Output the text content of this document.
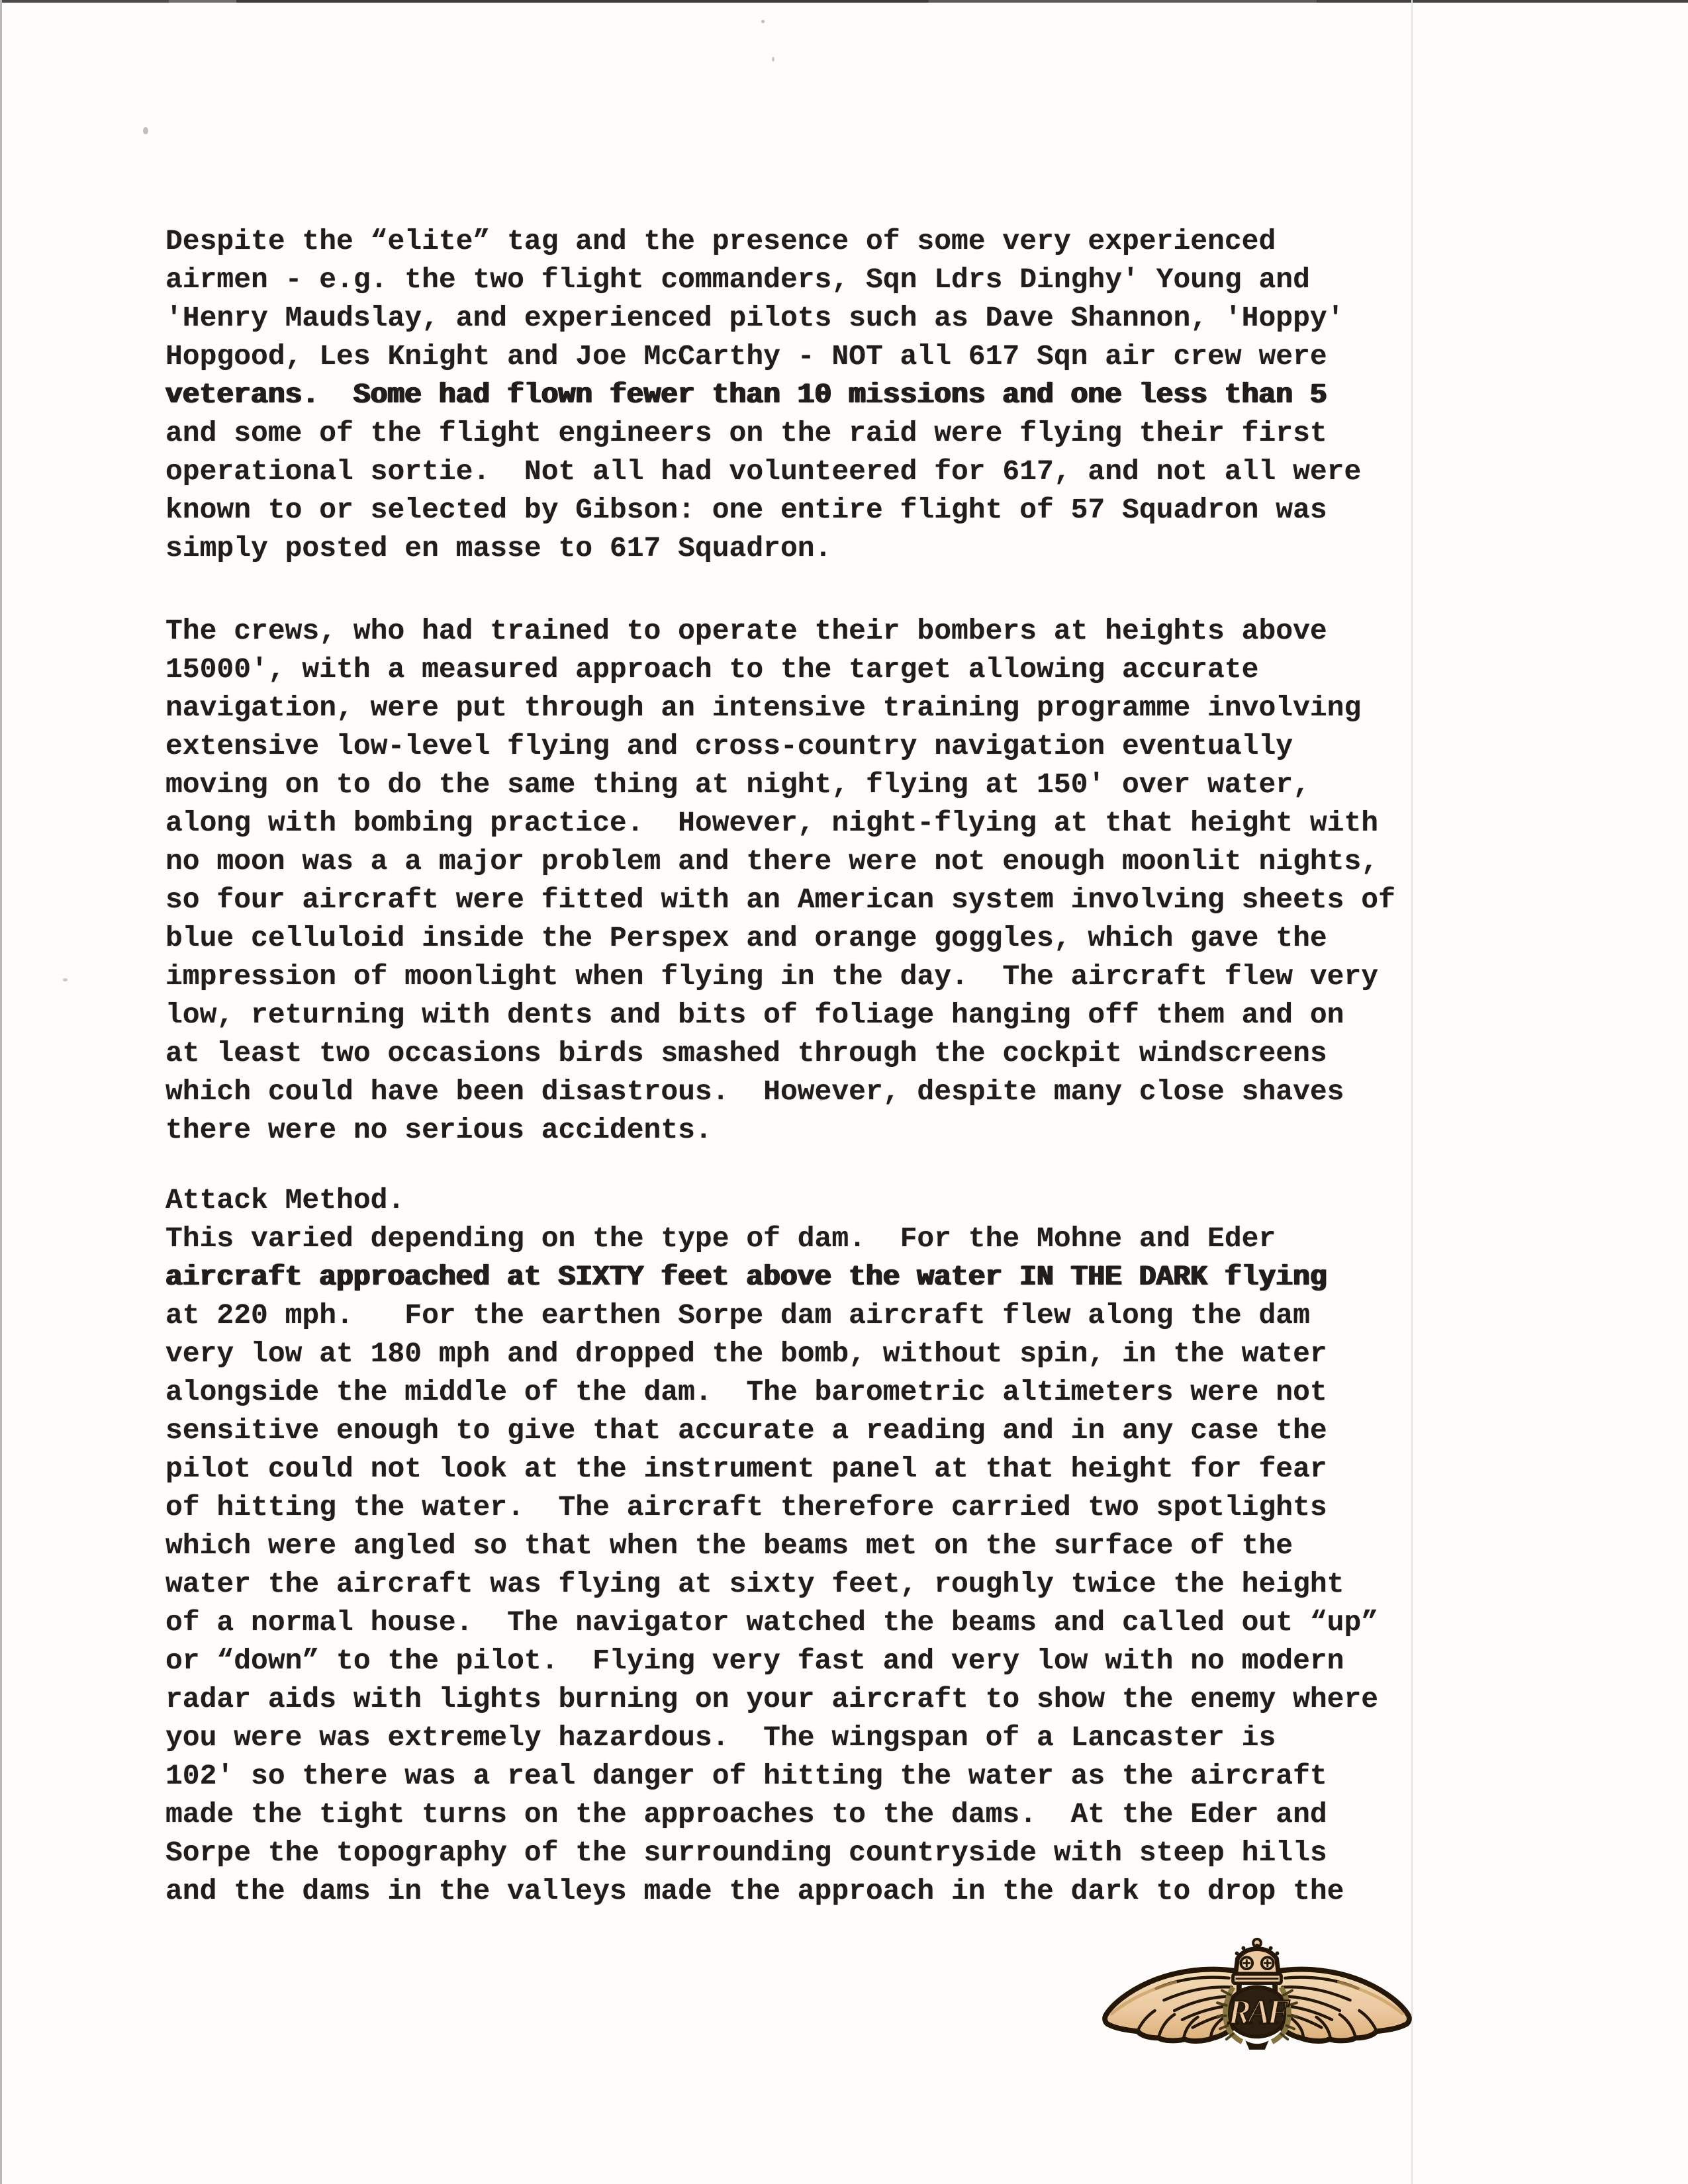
Despite the “elite” tag and the presence of some very experienced
airmen - e.g. the two flight commanders, Sqn Ldrs Dinghy' Young and
'Henry Maudslay, and experienced pilots such as Dave Shannon, 'Hoppy'
Hopgood, Les Knight and Joe McCarthy - NOT all 617 Sqn air crew were
veterans.  Some had flown fewer than 10 missions and one less than 5
and some of the flight engineers on the raid were flying their first
operational sortie.  Not all had volunteered for 617, and not all were
known to or selected by Gibson: one entire flight of 57 Squadron was
simply posted en masse to 617 Squadron.
The crews, who had trained to operate their bombers at heights above
15000', with a measured approach to the target allowing accurate
navigation, were put through an intensive training programme involving
extensive low-level flying and cross-country navigation eventually
moving on to do the same thing at night, flying at 150' over water,
along with bombing practice.  However, night-flying at that height with
no moon was a a major problem and there were not enough moonlit nights,
so four aircraft were fitted with an American system involving sheets of
blue celluloid inside the Perspex and orange goggles, which gave the
impression of moonlight when flying in the day.  The aircraft flew very
low, returning with dents and bits of foliage hanging off them and on
at least two occasions birds smashed through the cockpit windscreens
which could have been disastrous.  However, despite many close shaves
there were no serious accidents.
Attack Method.
This varied depending on the type of dam.  For the Mohne and Eder
aircraft approached at SIXTY feet above the water IN THE DARK flying
at 220 mph.   For the earthen Sorpe dam aircraft flew along the dam
very low at 180 mph and dropped the bomb, without spin, in the water
alongside the middle of the dam.  The barometric altimeters were not
sensitive enough to give that accurate a reading and in any case the
pilot could not look at the instrument panel at that height for fear
of hitting the water.  The aircraft therefore carried two spotlights
which were angled so that when the beams met on the surface of the
water the aircraft was flying at sixty feet, roughly twice the height
of a normal house.  The navigator watched the beams and called out “up”
or “down” to the pilot.  Flying very fast and very low with no modern
radar aids with lights burning on your aircraft to show the enemy where
you were was extremely hazardous.  The wingspan of a Lancaster is
102' so there was a real danger of hitting the water as the aircraft
made the tight turns on the approaches to the dams.  At the Eder and
Sorpe the topography of the surrounding countryside with steep hills
and the dams in the valleys made the approach in the dark to drop the
RAF
